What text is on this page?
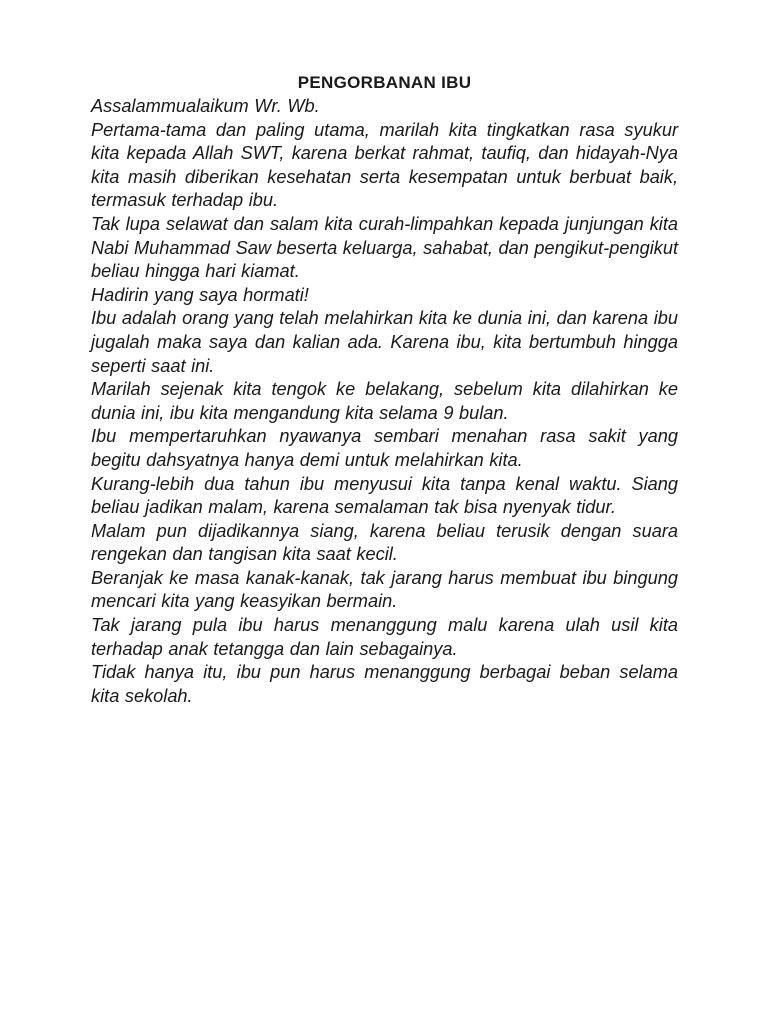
PENGORBANAN IBU

Assalammualaikum Wr. Wb.

Pertama-tama dan paling utama, marilah kita tingkatkan rasa syukur kita kepada Allah SWT, karena berkat rahmat, taufiq, dan hidayah-Nya kita masih diberikan kesehatan serta kesempatan untuk berbuat baik, termasuk terhadap ibu.

Tak lupa selawat dan salam kita curah-limpahkan kepada junjungan kita Nabi Muhammad Saw beserta keluarga, sahabat, dan pengikut-pengikut beliau hingga hari kiamat.

Hadirin yang saya hormati!

Ibu adalah orang yang telah melahirkan kita ke dunia ini, dan karena ibu jugalah maka saya dan kalian ada. Karena ibu, kita bertumbuh hingga seperti saat ini.

Marilah sejenak kita tengok ke belakang, sebelum kita dilahirkan ke dunia ini, ibu kita mengandung kita selama 9 bulan.

Ibu mempertaruhkan nyawanya sembari menahan rasa sakit yang begitu dahsyatnya hanya demi untuk melahirkan kita.

Kurang-lebih dua tahun ibu menyusui kita tanpa kenal waktu. Siang beliau jadikan malam, karena semalaman tak bisa nyenyak tidur.

Malam pun dijadikannya siang, karena beliau terusik dengan suara rengekan dan tangisan kita saat kecil.

Beranjak ke masa kanak-kanak, tak jarang harus membuat ibu bingung mencari kita yang keasyikan bermain.

Tak jarang pula ibu harus menanggung malu karena ulah usil kita terhadap anak tetangga dan lain sebagainya.

Tidak hanya itu, ibu pun harus menanggung berbagai beban selama kita sekolah.
